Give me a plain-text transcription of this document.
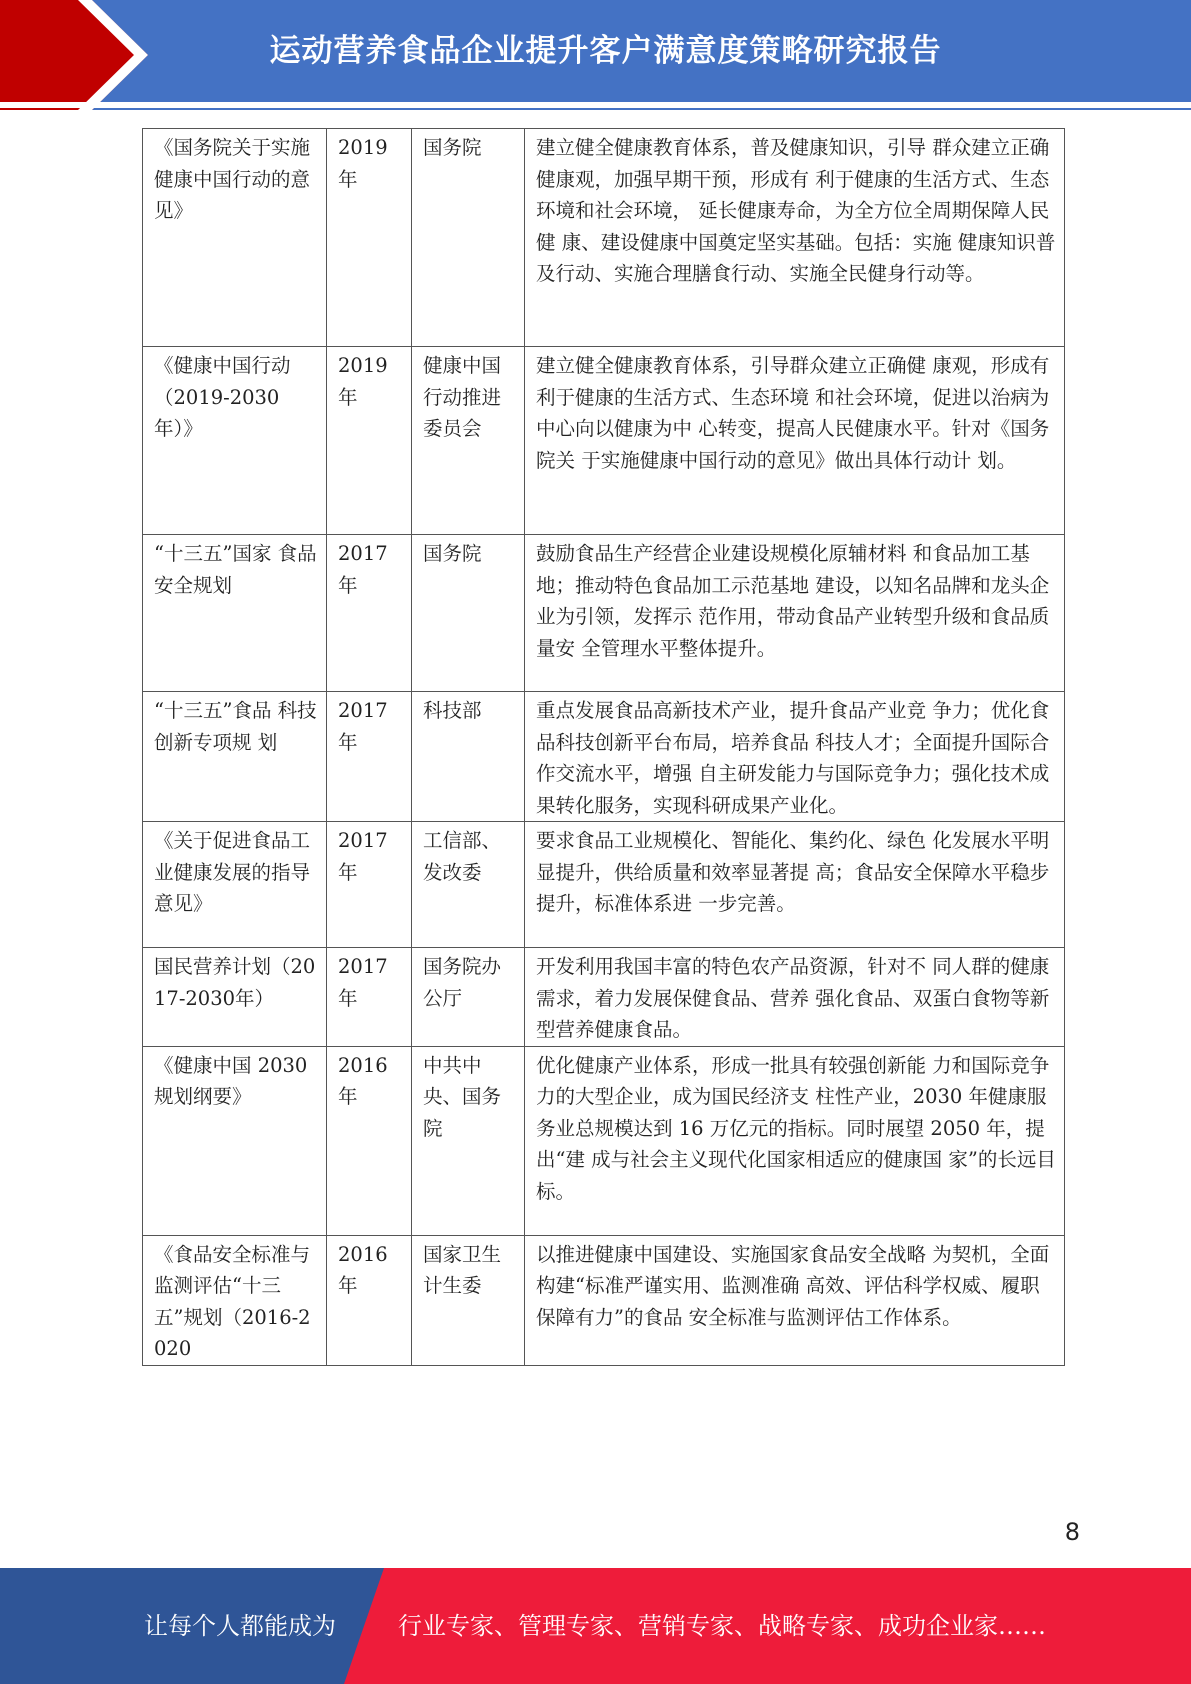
运动营养食品企业提升客户满意度策略研究报告
《国务院关于实施健康中国行动的意见》	2019年	国务院	建立健全健康教育体系，普及健康知识，引导 群众建立正确健康观，加强早期干预，形成有 利于健康的生活方式、生态环境和社会环境， 延长健康寿命，为全方位全周期保障人民健 康、建设健康中国奠定坚实基础。包括：实施 健康知识普及行动、实施合理膳食行动、实施全民健身行动等。
《健康中国行动（2019-2030年）》	2019年	健康中国行动推进委员会	建立健全健康教育体系，引导群众建立正确健 康观，形成有利于健康的生活方式、生态环境 和社会环境，促进以治病为中心向以健康为中 心转变，提高人民健康水平。针对《国务院关 于实施健康中国行动的意见》做出具体行动计 划。
“十三五”国家 食品安全规划	2017年	国务院	鼓励食品生产经营企业建设规模化原辅材料 和食品加工基地；推动特色食品加工示范基地 建设，以知名品牌和龙头企业为引领，发挥示 范作用，带动食品产业转型升级和食品质量安 全管理水平整体提升。
“十三五”食品 科技创新专项规 划	2017年	科技部	重点发展食品高新技术产业，提升食品产业竞 争力；优化食品科技创新平台布局，培养食品 科技人才；全面提升国际合作交流水平，增强 自主研发能力与国际竞争力；强化技术成果转化服务，实现科研成果产业化。
《关于促进食品工业健康发展的指导意见》	2017年	工信部、发改委	要求食品工业规模化、智能化、集约化、绿色 化发展水平明显提升，供给质量和效率显著提 高；食品安全保障水平稳步提升，标准体系进 一步完善。
国民营养计划（2017-2030年）	2017年	国务院办公厅	开发利用我国丰富的特色农产品资源，针对不 同人群的健康需求，着力发展保健食品、营养 强化食品、双蛋白食物等新型营养健康食品。
《健康中国 2030 规划纲要》	2016年	中共中央、国务院	优化健康产业体系，形成一批具有较强创新能 力和国际竞争力的大型企业，成为国民经济支 柱性产业，2030 年健康服务业总规模达到 16 万亿元的指标。同时展望 2050 年，提出“建 成与社会主义现代化国家相适应的健康国 家”的长远目标。
《食品安全标准与监测评估“十三五”规划（2016-2020	2016年	国家卫生 计生委	以推进健康中国建设、实施国家食品安全战略 为契机，全面构建“标准严谨实用、监测准确 高效、评估科学权威、履职保障有力”的食品 安全标准与监测评估工作体系。
8
让每个人都能成为	行业专家、管理专家、营销专家、战略专家、成功企业家……
